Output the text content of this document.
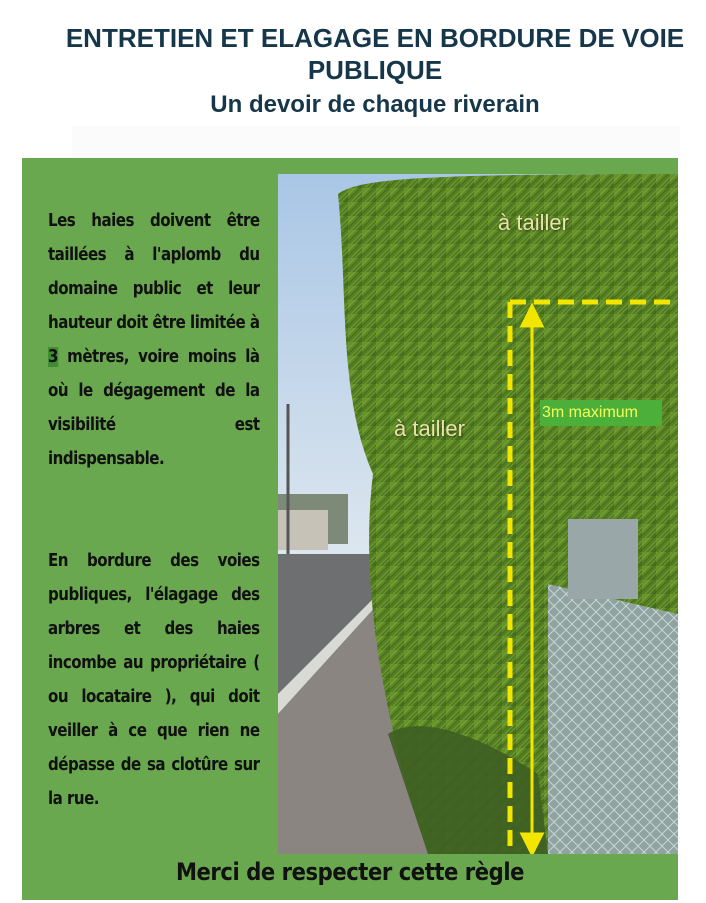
ENTRETIEN ET ELAGAGE EN BORDURE DE VOIE PUBLIQUE
Un devoir de chaque riverain
Les haies doivent être taillées à l'aplomb du domaine public et leur hauteur doit être limitée à 3 mètres, voire moins là où le dégagement de la visibilité est indispensable.
En bordure des voies publiques, l'élagage des arbres et des haies incombe au propriétaire ( ou locataire ), qui doit veiller à ce que rien ne dépasse de sa clotûre sur la rue.
à tailler
à tailler
3m maximum
Merci de respecter cette règle
